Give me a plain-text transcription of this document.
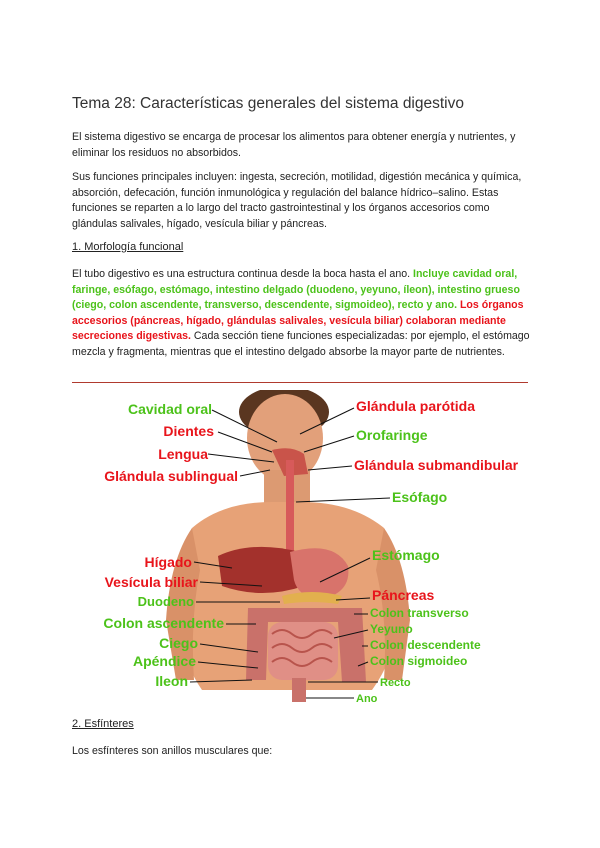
Tema 28: Características generales del sistema digestivo
El sistema digestivo se encarga de procesar los alimentos para obtener energía y nutrientes, y eliminar los residuos no absorbidos.
Sus funciones principales incluyen: ingesta, secreción, motilidad, digestión mecánica y química, absorción, defecación, función inmunológica y regulación del balance hídrico–salino. Estas funciones se reparten a lo largo del tracto gastrointestinal y los órganos accesorios como glándulas salivales, hígado, vesícula biliar y páncreas.
1. Morfología funcional
El tubo digestivo es una estructura continua desde la boca hasta el ano. Incluye cavidad oral, faringe, esófago, estómago, intestino delgado (duodeno, yeyuno, íleon), intestino grueso (ciego, colon ascendente, transverso, descendente, sigmoideo), recto y ano. Los órganos accesorios (páncreas, hígado, glándulas salivales, vesícula biliar) colaboran mediante secreciones digestivas. Cada sección tiene funciones especializadas: por ejemplo, el estómago mezcla y fragmenta, mientras que el intestino delgado absorbe la mayor parte de nutrientes.
Cavidad oral
Dientes
Lengua
Glándula sublingual
Hígado
Vesícula biliar
Duodeno
Colon ascendente
Ciego
Apéndice
Ileon
Glándula parótida
Orofaringe
Glándula submandibular
Esófago
Estómago
Páncreas
Colon transverso
Yeyuno
Colon descendente
Colon sigmoideo
Recto
Ano
2. Esfínteres
Los esfínteres son anillos musculares que:
